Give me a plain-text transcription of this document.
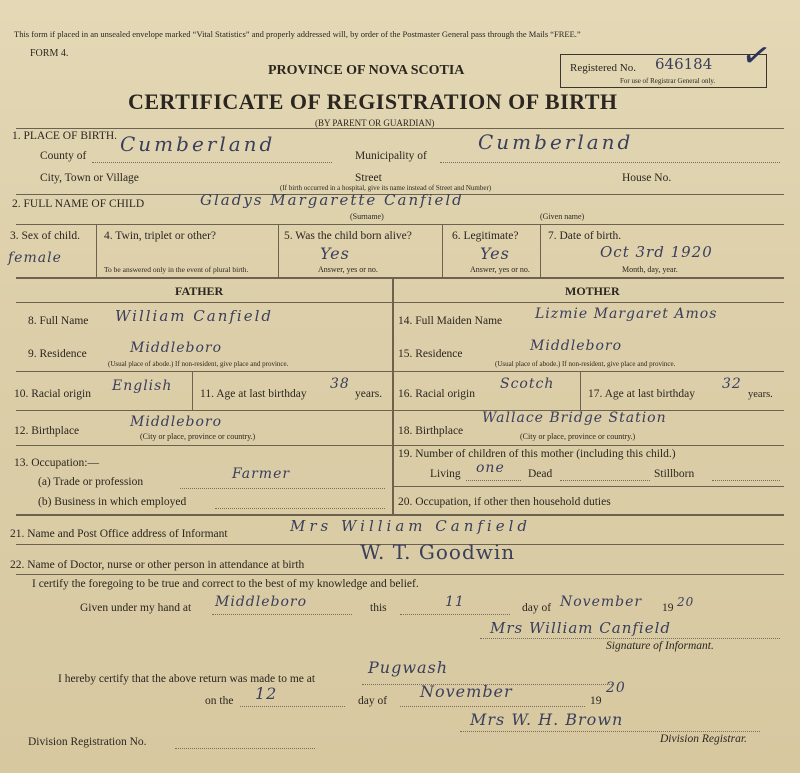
This form if placed in an unsealed envelope marked “Vital Statistics” and properly addressed will, by order of the Postmaster General pass through the Mails “FREE.”
FORM 4.
PROVINCE OF NOVA SCOTIA
CERTIFICATE OF REGISTRATION OF BIRTH
(BY PARENT OR GUARDIAN)
Registered No. 646184
For use of Registrar General only.
✓
1. PLACE OF BIRTH.
County of Cumberland	Municipality of
Cumberland
City, Town or Village	Street	House No.
(If birth occurred in a hospital, give its name instead of Street and Number)
2. FULL NAME OF CHILD	Gladys Margarette Canfield
(Surname)	(Given name)
3. Sex of child.
female
4. Twin, triplet or other?
To be answered only in the event of plural birth.
5. Was the child born alive?
Yes
Answer, yes or no.
6. Legitimate?
Yes
Answer, yes or no.
7. Date of birth.
Oct 3rd 1920
Month, day, year.
FATHER	MOTHER
8. Full Name William Canfield
9. Residence	Middleboro
(Usual place of abode.) If non-resident, give place and province.
10. Racial origin English 11. Age at last birthday
38
years.
12. Birthplace
Middleboro
(City or place, province or country.)
13. Occupation:—
(a) Trade or profession	Farmer
(b) Business in which employed
14. Full Maiden Name Lizmie Margaret Amos
15. Residence	Middleboro
(Usual place of abode.) If non-resident, give place and province.
16. Racial origin
Scotch
17. Age at last birthday
32
years.
18. Birthplace
Wallace Bridge Station
(City or place, province or country.)
19. Number of children of this mother (including this child.)
Living one Dead	Stillborn
20. Occupation, if other then household duties
21. Name and Post Office address of Informant	Mrs William Canfield
22. Name of Doctor, nurse or other person in attendance at birth
W. T. Goodwin
I certify the foregoing to be true and correct to the best of my knowledge and belief.
Given under my hand at Middleboro	this	11	day of November 19 20
Mrs William Canfield
Signature of Informant.
I hereby certify that the above return was made to me at
Pugwash
on the 12	day of November	19
20
Mrs W. H. Brown
Division Registrar.
Division Registration No.
